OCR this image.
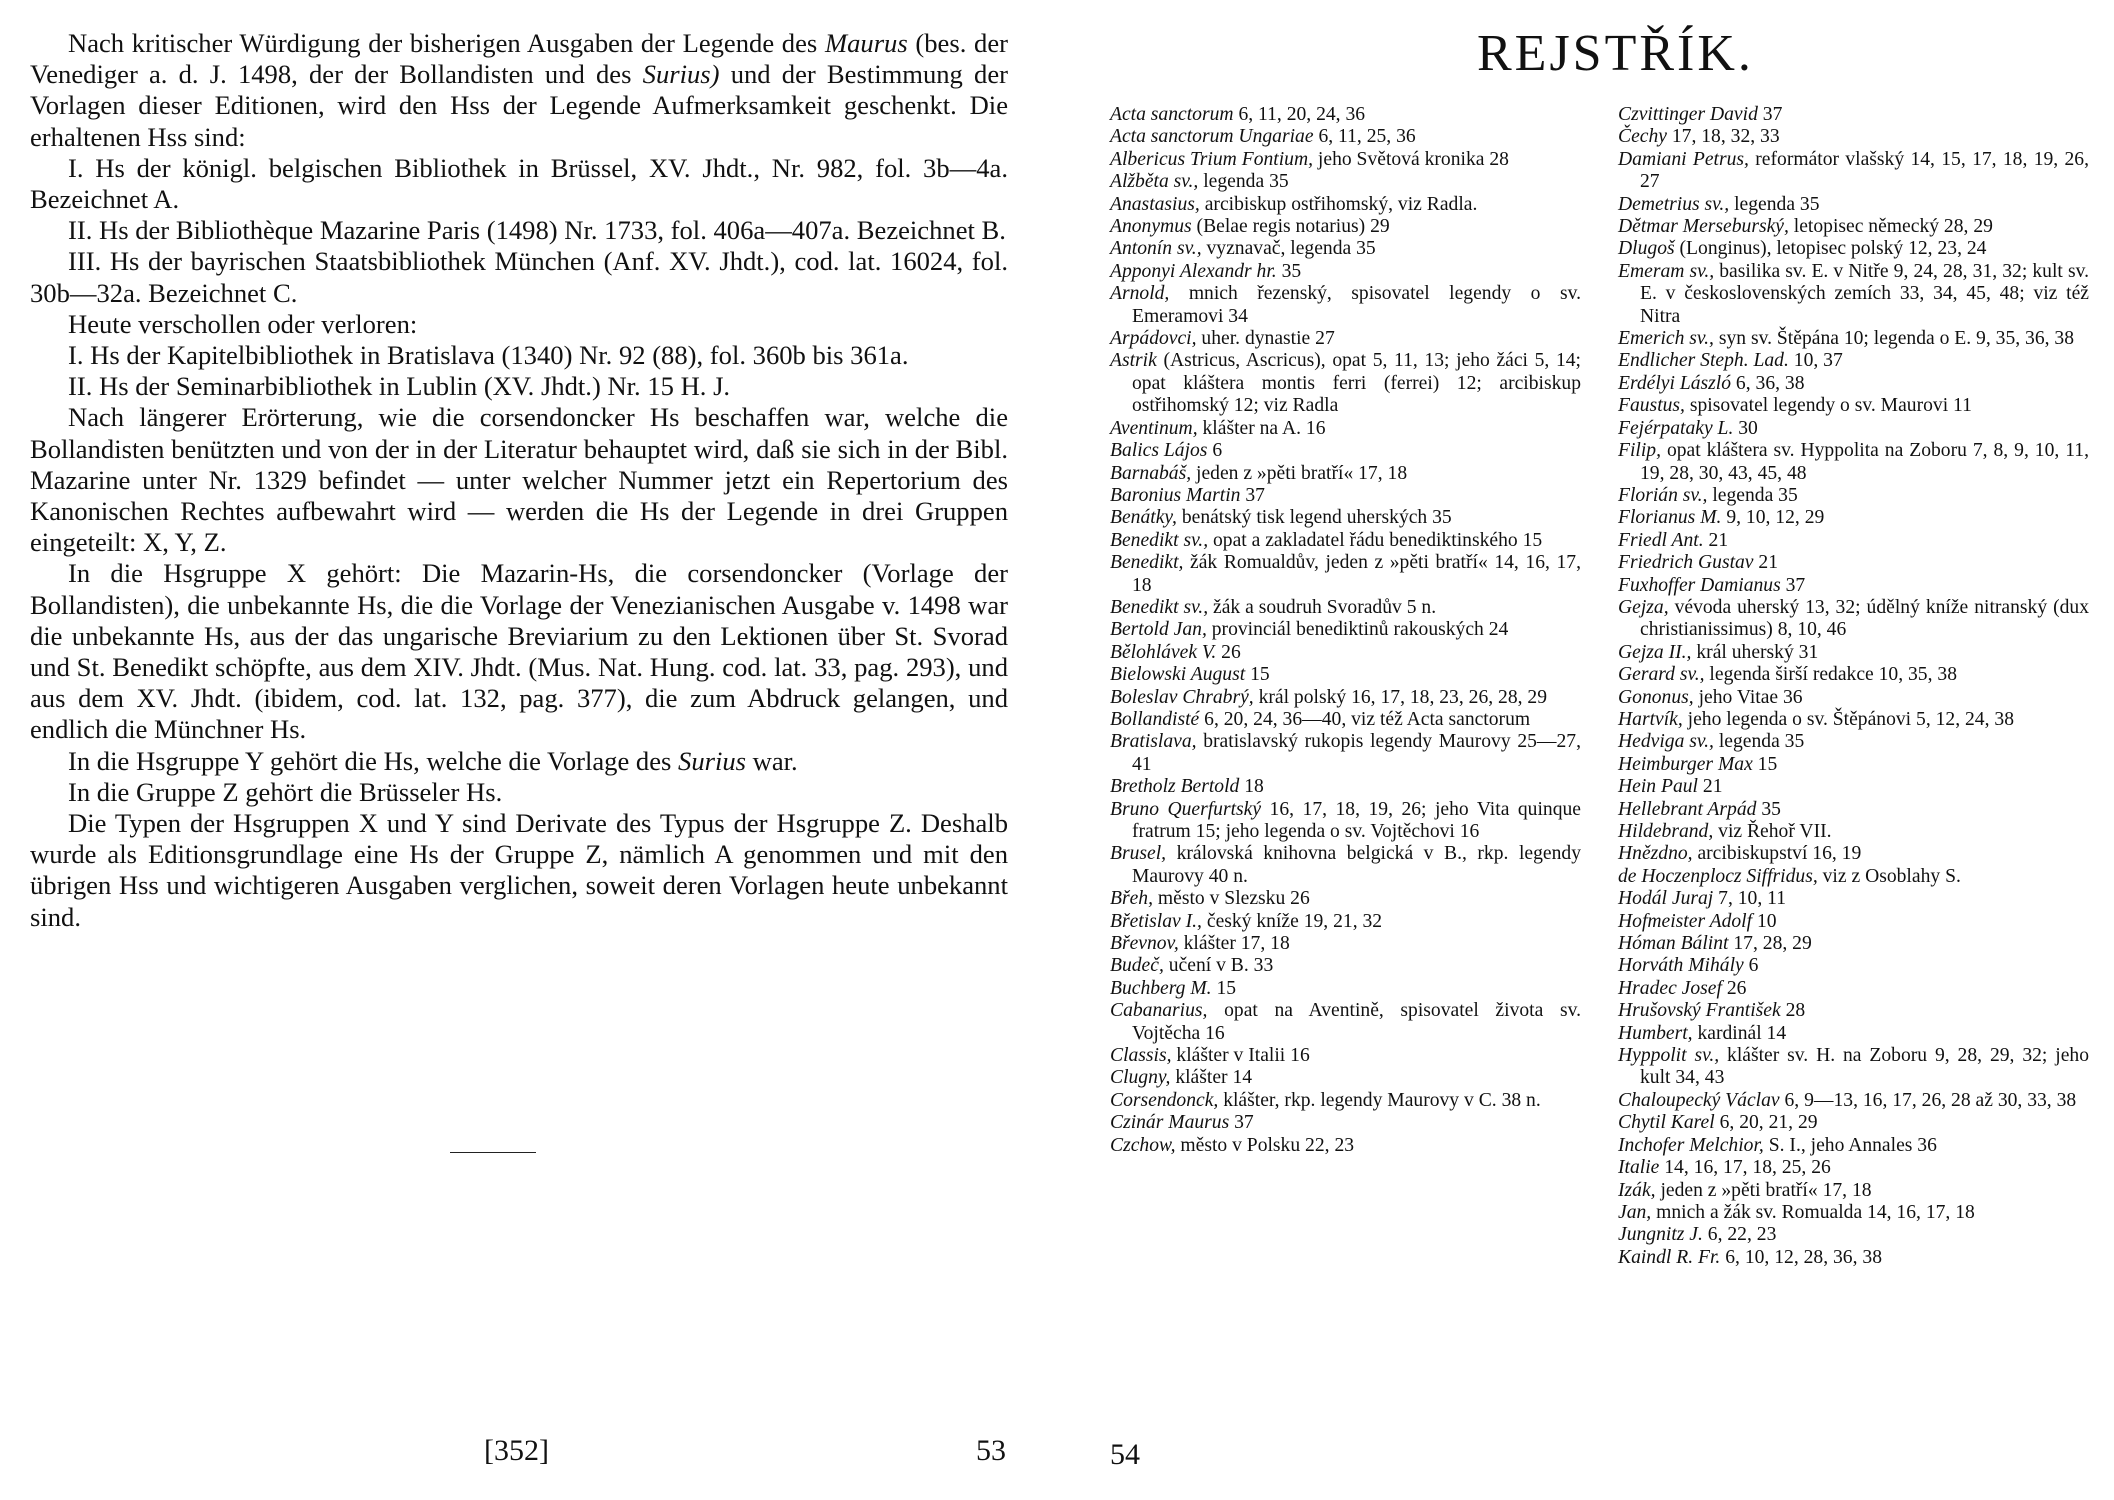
Nach kritischer Würdigung der bisherigen Ausgaben der Legende des Maurus (bes. der Venediger a. d. J. 1498, der der Bollandisten und des Surius) und der Bestimmung der Vorlagen dieser Editionen, wird den Hss der Legende Aufmerksamkeit geschenkt. Die erhaltenen Hss sind:

I. Hs der königl. belgischen Bibliothek in Brüssel, XV. Jhdt., Nr. 982, fol. 3b—4a. Bezeichnet A.

II. Hs der Bibliothèque Mazarine Paris (1498) Nr. 1733, fol. 406a—407a. Bezeichnet B.

III. Hs der bayrischen Staatsbibliothek München (Anf. XV. Jhdt.), cod. lat. 16024, fol. 30b—32a. Bezeichnet C.

Heute verschollen oder verloren:

I. Hs der Kapitelbibliothek in Bratislava (1340) Nr. 92 (88), fol. 360b bis 361a.

II. Hs der Seminarbibliothek in Lublin (XV. Jhdt.) Nr. 15 H. J.

Nach längerer Erörterung, wie die corsendoncker Hs beschaffen war, welche die Bollandisten benützten und von der in der Literatur behauptet wird, daß sie sich in der Bibl. Mazarine unter Nr. 1329 befindet — unter welcher Nummer jetzt ein Repertorium des Kanonischen Rechtes aufbewahrt wird — werden die Hs der Legende in drei Gruppen eingeteilt: X, Y, Z.

In die Hsgruppe X gehört: Die Mazarin-Hs, die corsendoncker (Vorlage der Bollandisten), die unbekannte Hs, die die Vorlage der Venezianischen Ausgabe v. 1498 war die unbekannte Hs, aus der das ungarische Breviarium zu den Lektionen über St. Svorad und St. Benedikt schöpfte, aus dem XIV. Jhdt. (Mus. Nat. Hung. cod. lat. 33, pag. 293), und aus dem XV. Jhdt. (ibidem, cod. lat. 132, pag. 377), die zum Abdruck gelangen, und endlich die Münchner Hs.

In die Hsgruppe Y gehört die Hs, welche die Vorlage des Surius war.

In die Gruppe Z gehört die Brüsseler Hs.

Die Typen der Hsgruppen X und Y sind Derivate des Typus der Hsgruppe Z. Deshalb wurde als Editionsgrundlage eine Hs der Gruppe Z, nämlich A genommen und mit den übrigen Hss und wichtigeren Ausgaben verglichen, soweit deren Vorlagen heute unbekannt sind.

[352]	53
REJSTŘÍK.
Acta sanctorum 6, 11, 20, 24, 36
Acta sanctorum Ungariae 6, 11, 25, 36
Albericus Trium Fontium, jeho Světová kronika 28
Alžběta sv., legenda 35
Anastasius, arcibiskup ostřihomský, viz Radla.
Anonymus (Belae regis notarius) 29
Antonín sv., vyznavač, legenda 35
Apponyi Alexandr hr. 35
Arnold, mnich řezenský, spisovatel legendy o sv. Emeramovi 34
Arpádovci, uher. dynastie 27
Astrik (Astricus, Ascricus), opat 5, 11, 13; jeho žáci 5, 14; opat kláštera montis ferri (ferrei) 12; arcibiskup ostřihomský 12; viz Radla
Aventinum, klášter na A. 16
Balics Lájos 6
Barnabáš, jeden z »pěti bratří« 17, 18
Baronius Martin 37
Benátky, benátský tisk legend uherských 35
Benedikt sv., opat a zakladatel řádu benediktinského 15
Benedikt, žák Romualdův, jeden z »pěti bratří« 14, 16, 17, 18
Benedikt sv., žák a soudruh Svoradův 5 n.
Bertold Jan, provinciál benediktinů rakouských 24
Bělohlávek V. 26
Bielowski August 15
Boleslav Chrabrý, král polský 16, 17, 18, 23, 26, 28, 29
Bollandisté 6, 20, 24, 36—40, viz též Acta sanctorum
Bratislava, bratislavský rukopis legendy Maurovy 25—27, 41
Bretholz Bertold 18
Bruno Querfurtský 16, 17, 18, 19, 26; jeho Vita quinque fratrum 15; jeho legenda o sv. Vojtěchovi 16
Brusel, královská knihovna belgická v B., rkp. legendy Maurovy 40 n.
Břeh, město v Slezsku 26
Břetislav I., český kníže 19, 21, 32
Břevnov, klášter 17, 18
Budeč, učení v B. 33
Buchberg M. 15
Cabanarius, opat na Aventině, spisovatel života sv. Vojtěcha 16
Classis, klášter v Italii 16
Clugny, klášter 14
Corsendonck, klášter, rkp. legendy Maurovy v C. 38 n.
Czinár Maurus 37
Czchow, město v Polsku 22, 23
Czvittinger David 37
Čechy 17, 18, 32, 33
Damiani Petrus, reformátor vlašský 14, 15, 17, 18, 19, 26, 27
Demetrius sv., legenda 35
Dětmar Merseburský, letopisec německý 28, 29
Dlugoš (Longinus), letopisec polský 12, 23, 24
Emeram sv., basilika sv. E. v Nitře 9, 24, 28, 31, 32; kult sv. E. v československých zemích 33, 34, 45, 48; viz též Nitra
Emerich sv., syn sv. Štěpána 10; legenda o E. 9, 35, 36, 38
Endlicher Steph. Lad. 10, 37
Erdélyi László 6, 36, 38
Faustus, spisovatel legendy o sv. Maurovi 11
Fejérpataky L. 30
Filip, opat kláštera sv. Hyppolita na Zoboru 7, 8, 9, 10, 11, 19, 28, 30, 43, 45, 48
Florián sv., legenda 35
Florianus M. 9, 10, 12, 29
Friedl Ant. 21
Friedrich Gustav 21
Fuxhoffer Damianus 37
Gejza, vévoda uherský 13, 32; údělný kníže nitranský (dux christianissimus) 8, 10, 46
Gejza II., král uherský 31
Gerard sv., legenda širší redakce 10, 35, 38
Gononus, jeho Vitae 36
Hartvík, jeho legenda o sv. Štěpánovi 5, 12, 24, 38
Hedviga sv., legenda 35
Heimburger Max 15
Hein Paul 21
Hellebrant Arpád 35
Hildebrand, viz Řehoř VII.
Hnězdno, arcibiskupství 16, 19
de Hoczenplocz Siffridus, viz z Osoblahy S.
Hodál Juraj 7, 10, 11
Hofmeister Adolf 10
Hóman Bálint 17, 28, 29
Horváth Mihály 6
Hradec Josef 26
Hrušovský František 28
Humbert, kardinál 14
Hyppolit sv., klášter sv. H. na Zoboru 9, 28, 29, 32; jeho kult 34, 43
Chaloupecký Václav 6, 9—13, 16, 17, 26, 28 až 30, 33, 38
Chytil Karel 6, 20, 21, 29
Inchofer Melchior, S. I., jeho Annales 36
Italie 14, 16, 17, 18, 25, 26
Izák, jeden z »pěti bratří« 17, 18
Jan, mnich a žák sv. Romualda 14, 16, 17, 18
Jungnitz J. 6, 22, 23
Kaindl R. Fr. 6, 10, 12, 28, 36, 38
54
